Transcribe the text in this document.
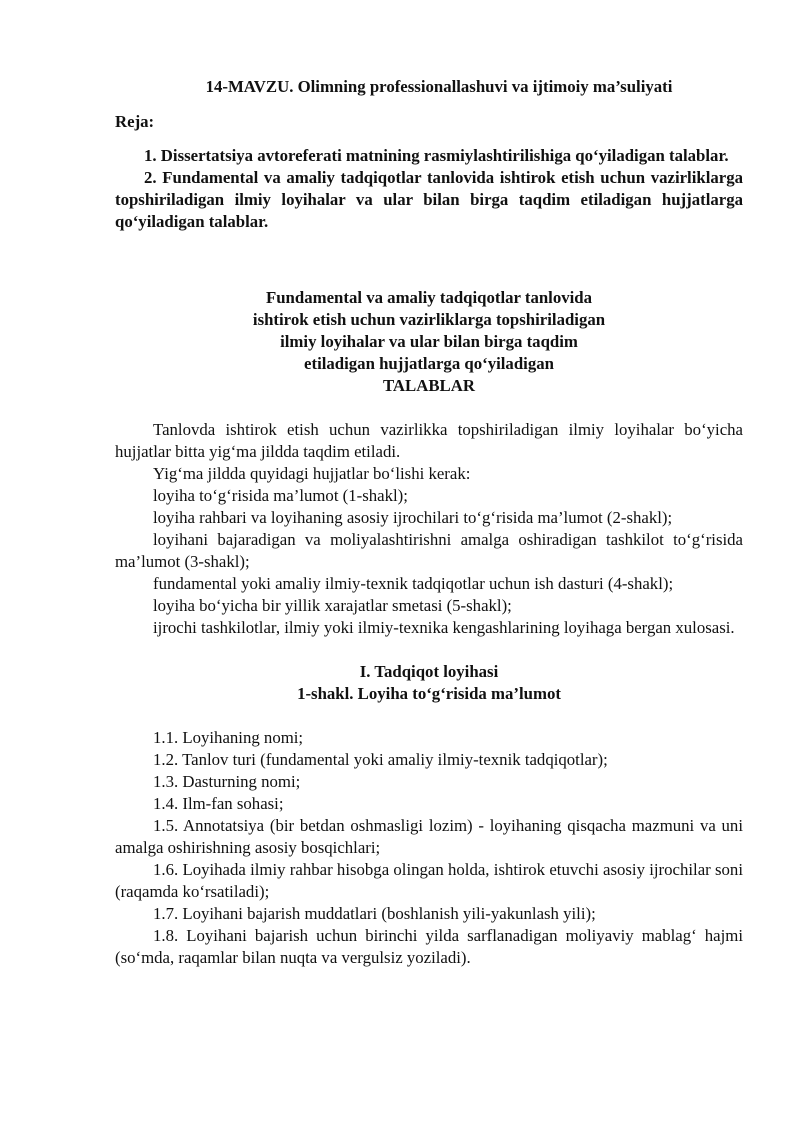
14-MAVZU. Olimning professionallashuvi va ijtimoiy ma’suliyati

Reja:

1. Dissertatsiya avtoreferati matnining rasmiylashtirilishiga qo‘yiladigan talablar.

2. Fundamental va amaliy tadqiqotlar tanlovida ishtirok etish uchun vazirliklarga topshiriladigan ilmiy loyihalar va ular bilan birga taqdim etiladigan hujjatlarga qo‘yiladigan talablar.

Fundamental va amaliy tadqiqotlar tanlovida
ishtirok etish uchun vazirliklarga topshiriladigan
ilmiy loyihalar va ular bilan birga taqdim
etiladigan hujjatlarga qo‘yiladigan
TALABLAR

Tanlovda ishtirok etish uchun vazirlikka topshiriladigan ilmiy loyihalar bo‘yicha hujjatlar bitta yig‘ma jildda taqdim etiladi.

Yig‘ma jildda quyidagi hujjatlar bo‘lishi kerak:

loyiha to‘g‘risida ma’lumot (1-shakl);

loyiha rahbari va loyihaning asosiy ijrochilari to‘g‘risida ma’lumot (2-shakl);

loyihani bajaradigan va moliyalashtirishni amalga oshiradigan tashkilot to‘g‘risida ma’lumot (3-shakl);

fundamental yoki amaliy ilmiy-texnik tadqiqotlar uchun ish dasturi (4-shakl);

loyiha bo‘yicha bir yillik xarajatlar smetasi (5-shakl);

ijrochi tashkilotlar, ilmiy yoki ilmiy-texnika kengashlarining loyihaga bergan xulosasi.

I. Tadqiqot loyihasi

1-shakl. Loyiha to‘g‘risida ma’lumot

1.1. Loyihaning nomi;

1.2. Tanlov turi (fundamental yoki amaliy ilmiy-texnik tadqiqotlar);

1.3. Dasturning nomi;

1.4. Ilm-fan sohasi;

1.5. Annotatsiya (bir betdan oshmasligi lozim) - loyihaning qisqacha mazmuni va uni amalga oshirishning asosiy bosqichlari;

1.6. Loyihada ilmiy rahbar hisobga olingan holda, ishtirok etuvchi asosiy ijrochilar soni (raqamda ko‘rsatiladi);

1.7. Loyihani bajarish muddatlari (boshlanish yili-yakunlash yili);

1.8. Loyihani bajarish uchun birinchi yilda sarflanadigan moliyaviy mablag‘ hajmi (so‘mda, raqamlar bilan nuqta va vergulsiz yoziladi).
